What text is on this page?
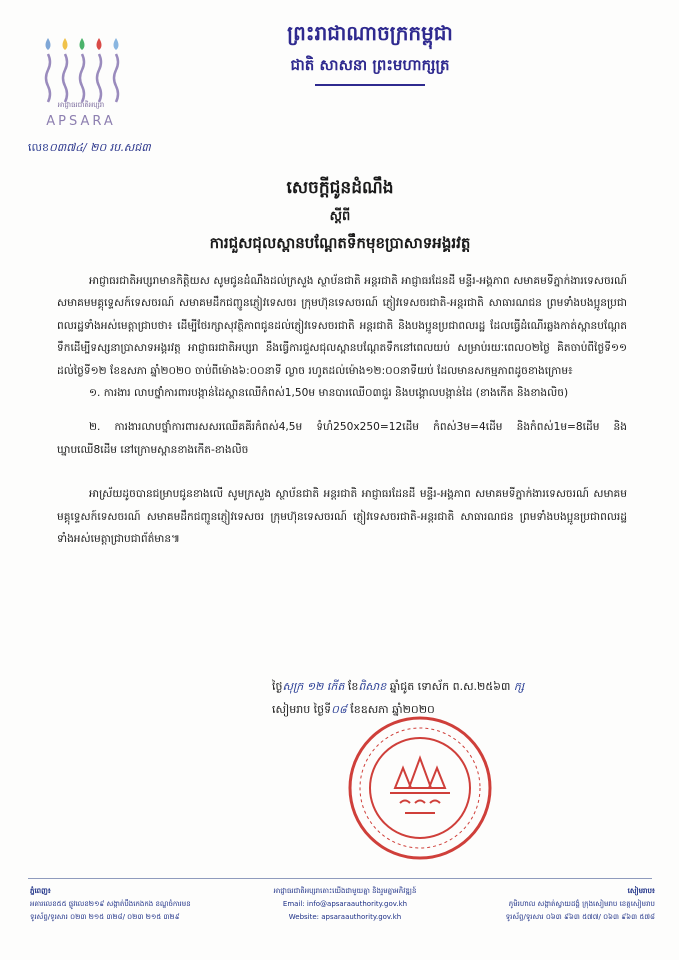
អាជ្ញាធរជាតិអប្សរា
APSARA
លេខ០៣៧៤/ ២០ រប.សជ៣
ព្រះរាជាណាចក្រកម្ពុជា
ជាតិ សាសនា ព្រះមហាក្សត្រ
សេចក្តីជូនដំណឹង
ស្តីពី
ការជួសជុលស្ពានបណ្តែតទឹកមុខប្រាសាទអង្គរវត្ត

អាជ្ញាធរជាតិអប្សរាមានកិត្តិយស សូមជូនដំណឹងដល់ក្រសួង ស្ថាប័នជាតិ អន្តរជាតិ អាជ្ញាធរដែនដី មន្ទីរ-អង្គភាព សមាគមទីភ្នាក់ងារទេសចរណ៍ សមាគមមគ្គុទ្ទេសក៍ទេសចរណ៍ សមាគមដឹកជញ្ជូនភ្ញៀវទេសចរ ក្រុមហ៊ុនទេសចរណ៍ ភ្ញៀវទេសចរជាតិ-អន្តរជាតិ សាធារណជន ព្រមទាំងបងប្អូនប្រជាពលរដ្ឋទាំងអស់មេត្តាជ្រាបថា៖ ដើម្បីថែរក្សាសុវត្ថិភាពជូនដល់ភ្ញៀវទេសចរជាតិ អន្តរជាតិ និងបងប្អូនប្រជាពលរដ្ឋ ដែលធ្វើដំណើរឆ្លងកាត់ស្ពានបណ្តែតទឹកដើម្បីទស្សនាប្រាសាទអង្គរវត្ត អាជ្ញាធរជាតិអប្សរា នឹងធ្វើការជួសជុលស្ពានបណ្តែតទឹកនៅពេលយប់ សម្រាប់រយៈពេល០២ថ្ងៃ គិតចាប់ពីថ្ងៃទី១១ ដល់ថ្ងៃទី១២ ខែឧសភា ឆ្នាំ២០២០ ចាប់ពីម៉ោង៦:០០នាទី ល្ងាច រហូតដល់ម៉ោង១២:០០នាទីយប់ ដែលមានសកម្មភាពដូចខាងក្រោម៖

១. ការងារ លាបថ្នាំការពារបង្កាន់ដៃស្ពានឈើកំពស់1,50ម មានបារឈើ០៣ជួរ និងបង្គោលបង្កាន់ដៃ (ខាងកើត និងខាងលិច)

២. ការងារលាបថ្នាំការពារសសរឈើគគីរកំពស់4,5ម ទំហំ250x250=12ដើម កំពស់3ម=4ដើម និងកំពស់1ម=8ដើម និងឃ្នាបឈើ8ដើម នៅក្រោមស្ពានខាងកើត-ខាងលិច

អាស្រ័យដូចបានជម្រាបជូនខាងលើ សូមក្រសួង ស្ថាប័នជាតិ អន្តរជាតិ អាជ្ញាធរដែនដី មន្ទីរ-អង្គភាព សមាគមទីភ្នាក់ងារទេសចរណ៍ សមាគមមគ្គុទ្ទេសក៍ទេសចរណ៍ សមាគមដឹកជញ្ជូនភ្ញៀវទេសចរ ក្រុមហ៊ុនទេសចរណ៍ ភ្ញៀវទេសចរជាតិ-អន្តរជាតិ សាធារណជន ព្រមទាំងបងប្អូនប្រជាពលរដ្ឋទាំងអស់មេត្តាជ្រាបជាព័ត៌មាន៕

ថ្ងៃសុក្រ ១២ កើត ខែពិសាខ ឆ្នាំជូត ទោស័ក ព.ស.២៥៦៣ ក្ស
សៀមរាប ថ្ងៃទី០៨ ខែឧសភា ឆ្នាំ២០២០
ភ្នំពេញ៖
អគារលេខ៥៥ ផ្លូវលេខ២១៩ សង្កាត់បឹងកេងកង ខណ្ឌចំការមន
ទូរស័ព្ទ/ទូរសារ ០២៣ ២១៥ ៣២៨/ ០២៣ ២១៥ ៣២៩
អាជ្ញាធរជាតិអប្សរាតោះយើងជាមួយគ្នា និងរួមគ្នាអភិវឌ្ឍន៍
Email: info@apsaraauthority.gov.kh
Website: apsaraauthority.gov.kh
សៀមរាប៖
ភូមិរហាល សង្កាត់ស្វាយដង្គំ ក្រុងសៀមរាប ខេត្តសៀមរាប
ទូរស័ព្ទ/ទូរសារ ០៦៣ ៩៦៣ ៥៧៧/ ០៦៣ ៩៦៣ ៥៧៨
